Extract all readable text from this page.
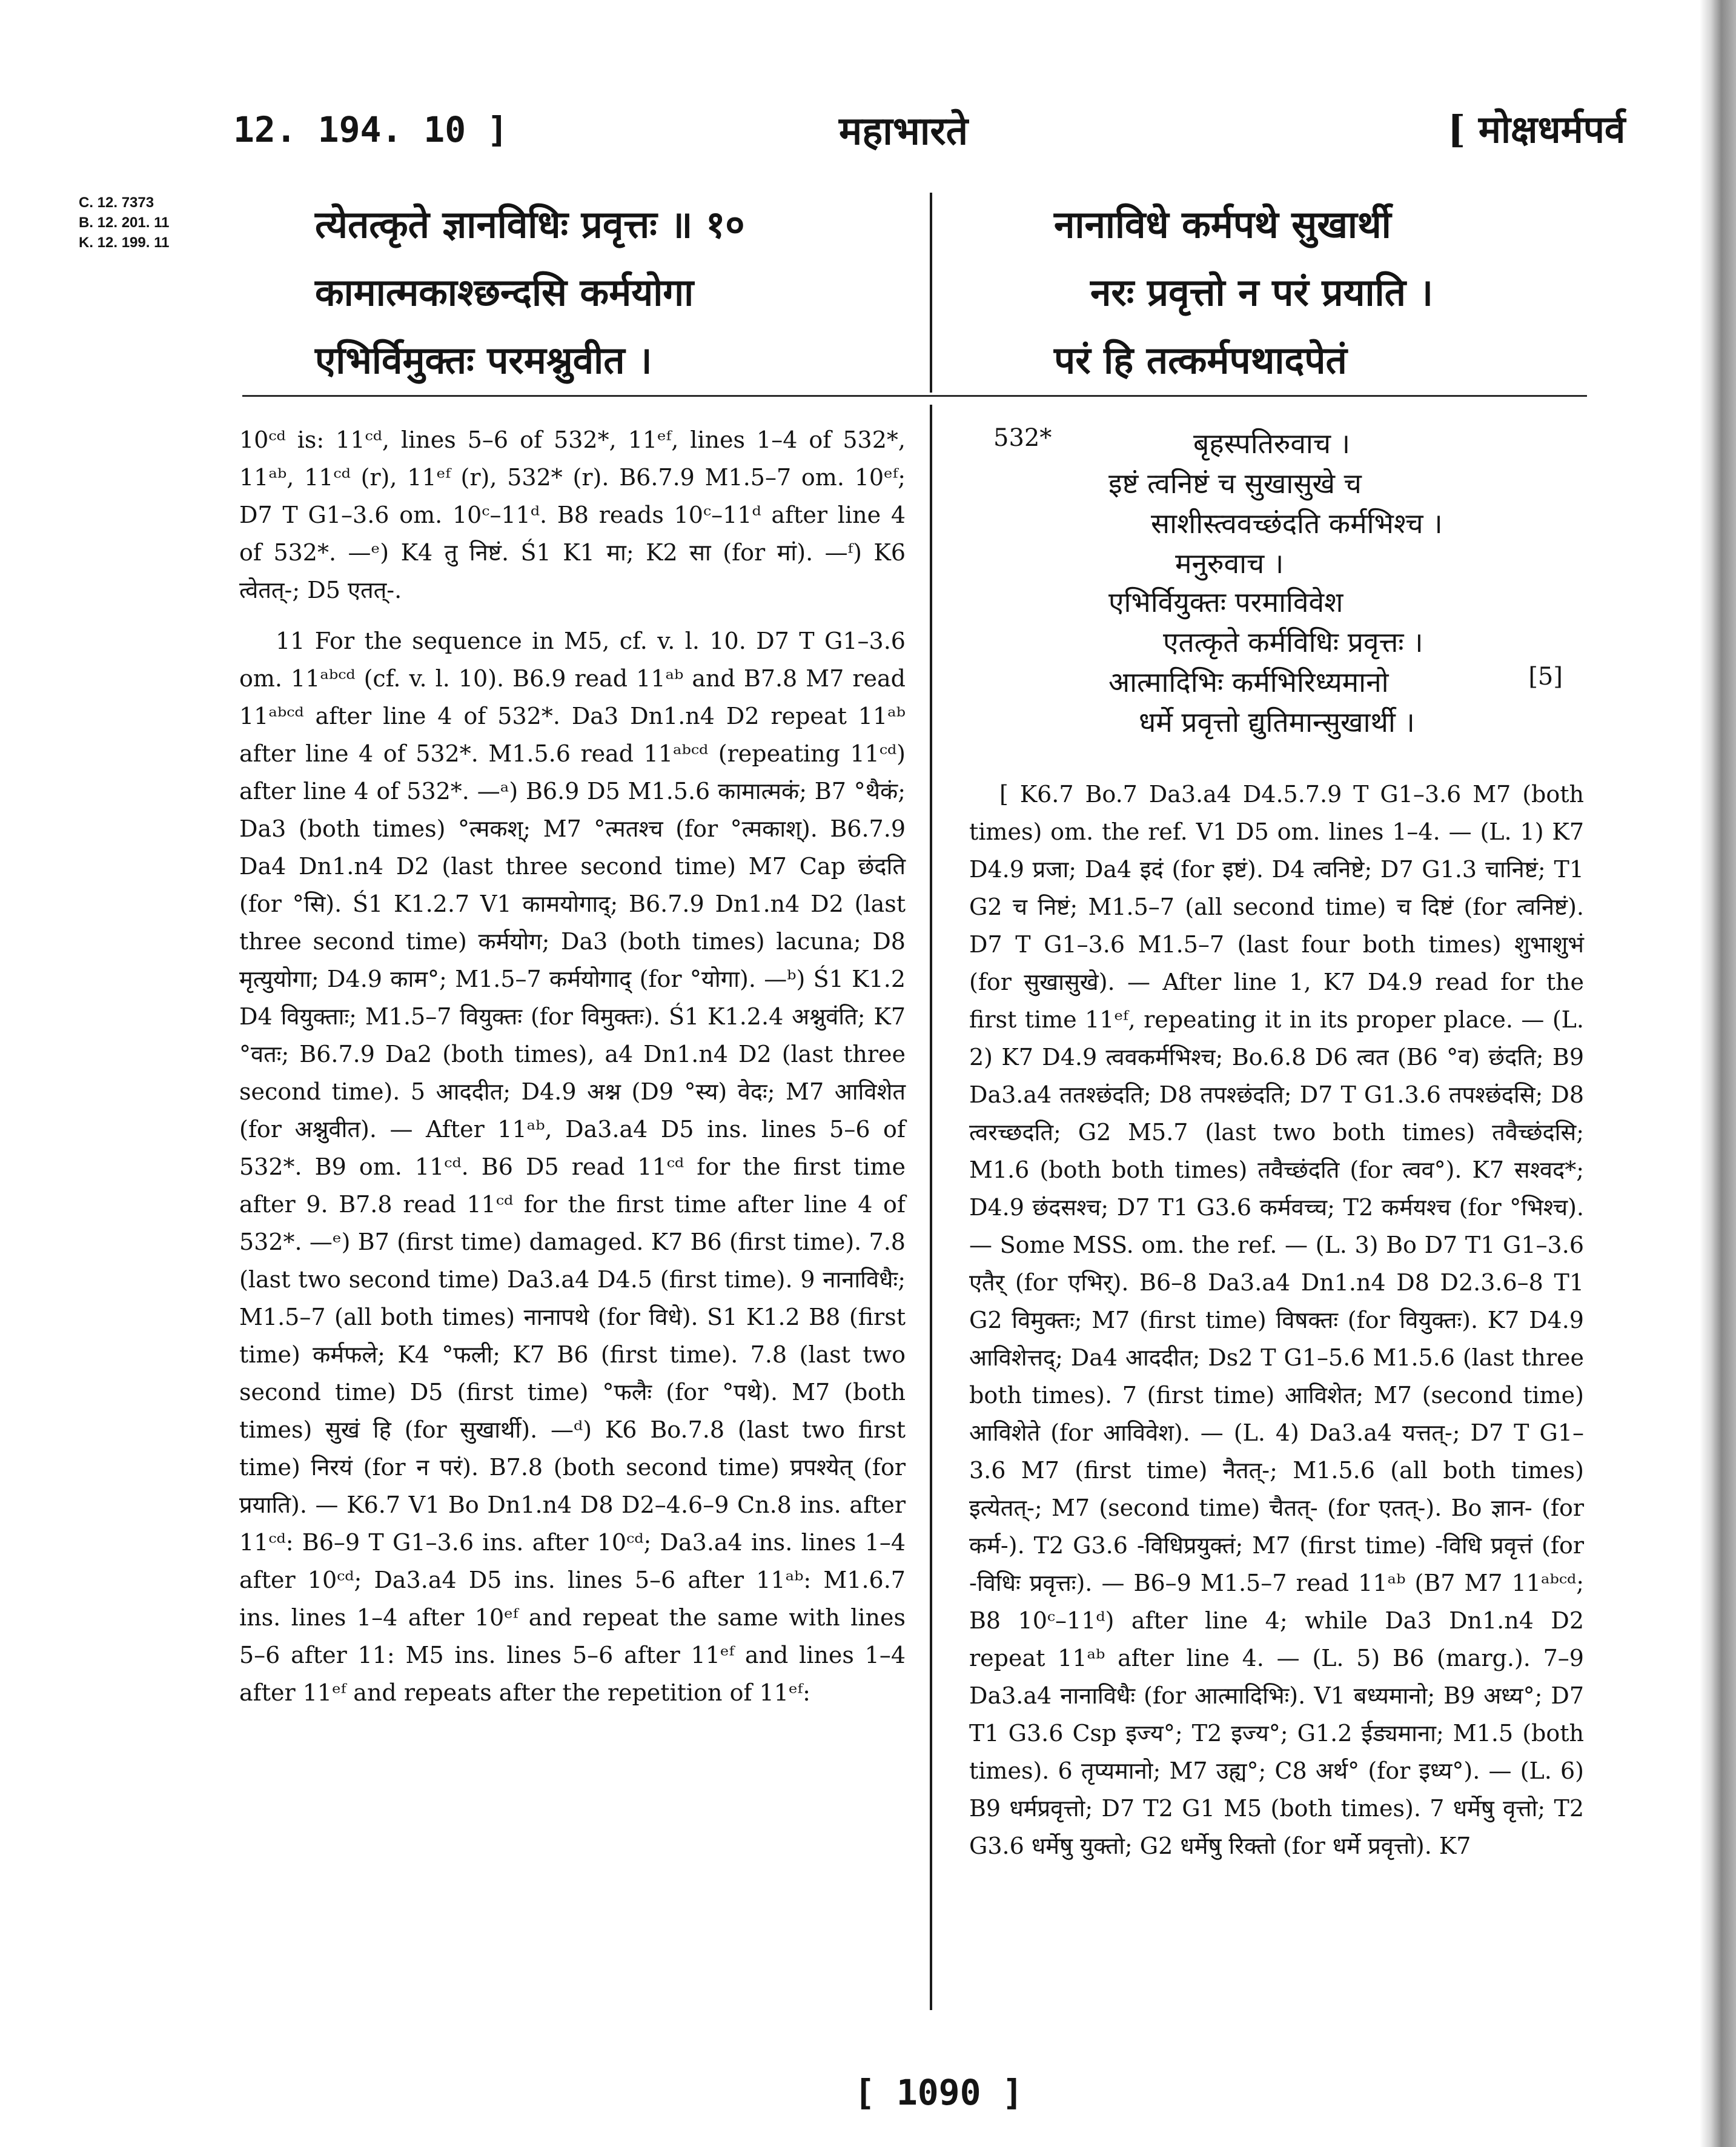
12. 194. 10 ]	महाभारते	[ मोक्षधर्मपर्व
C. 12. 7373
B. 12. 201. 11
K. 12. 199. 11	त्येतत्कृते ज्ञानविधिः प्रवृत्तः ॥ १०
कामात्मकाश्छन्दसि कर्मयोगा
एभिर्विमुक्तः परमश्नुवीत ।
नानाविधे कर्मपथे सुखार्थी
नरः प्रवृत्तो न परं प्रयाति ।
परं हि तत्कर्मपथादपेतं

10ᶜᵈ is: 11ᶜᵈ, lines 5–6 of 532*, 11ᵉᶠ, lines 1–4 of 532*, 11ᵃᵇ, 11ᶜᵈ (r), 11ᵉᶠ (r), 532* (r). B6.7.9 M1.5–7 om. 10ᵉᶠ; D7 T G1–3.6 om. 10ᶜ–11ᵈ. B8 reads 10ᶜ–11ᵈ after line 4 of 532*. —ᵉ) K4 तु निष्टं. Ś1 K1 मा; K2 सा (for मां). —ᶠ) K6 त्वेतत्-; D5 एतत्-.

11 For the sequence in M5, cf. v. l. 10. D7 T G1–3.6 om. 11ᵃᵇᶜᵈ (cf. v. l. 10). B6.9 read 11ᵃᵇ and B7.8 M7 read 11ᵃᵇᶜᵈ after line 4 of 532*. Da3 Dn1.n4 D2 repeat 11ᵃᵇ after line 4 of 532*. M1.5.6 read 11ᵃᵇᶜᵈ (repeating 11ᶜᵈ) after line 4 of 532*. —ᵃ) B6.9 D5 M1.5.6 कामात्मकं; B7 °थैकं; Da3 (both times) °त्मकश्; M7 °त्मतश्च (for °त्मकाश्). B6.7.9 Da4 Dn1.n4 D2 (last three second time) M7 Cap छंदति (for °सि). Ś1 K1.2.7 V1 कामयोगाद्; B6.7.9 Dn1.n4 D2 (last three second time) कर्मयोग; Da3 (both times) lacuna; D8 मृत्युयोगा; D4.9 काम°; M1.5–7 कर्मयोगाद् (for °योगा). —ᵇ) Ś1 K1.2 D4 वियुक्ताः; M1.5–7 वियुक्तः (for विमुक्तः). Ś1 K1.2.4 अश्नुवंति; K7 °वतः; B6.7.9 Da2 (both times), a4 Dn1.n4 D2 (last three second time). 5 आददीत; D4.9 अश्न (D9 °स्य) वेदः; M7 आविशेत (for अश्नुवीत). — After 11ᵃᵇ, Da3.a4 D5 ins. lines 5–6 of 532*. B9 om. 11ᶜᵈ. B6 D5 read 11ᶜᵈ for the first time after 9. B7.8 read 11ᶜᵈ for the first time after line 4 of 532*. —ᵉ) B7 (first time) damaged. K7 B6 (first time). 7.8 (last two second time) Da3.a4 D4.5 (first time). 9 नानाविधैः; M1.5–7 (all both times) नानापथे (for विधे). S1 K1.2 B8 (first time) कर्मफले; K4 °फली; K7 B6 (first time). 7.8 (last two second time) D5 (first time) °फलैः (for °पथे). M7 (both times) सुखं हि (for सुखार्थी). —ᵈ) K6 Bo.7.8 (last two first time) निरयं (for न परं). B7.8 (both second time) प्रपश्येत् (for प्रयाति). — K6.7 V1 Bo Dn1.n4 D8 D2–4.6–9 Cn.8 ins. after 11ᶜᵈ: B6–9 T G1–3.6 ins. after 10ᶜᵈ; Da3.a4 ins. lines 1–4 after 10ᶜᵈ; Da3.a4 D5 ins. lines 5–6 after 11ᵃᵇ: M1.6.7 ins. lines 1–4 after 10ᵉᶠ and repeat the same with lines 5–6 after 11: M5 ins. lines 5–6 after 11ᵉᶠ and lines 1–4 after 11ᵉᶠ and repeats after the repetition of 11ᵉᶠ:

532*	बृहस्पतिरुवाच ।
इष्टं त्वनिष्टं च सुखासुखे च
साशीस्त्ववच्छंदति कर्मभिश्च ।
मनुरुवाच ।
एभिर्वियुक्तः परमाविवेश
एतत्कृते कर्मविधिः प्रवृत्तः ।
आत्मादिभिः कर्मभिरिध्यमानो	[5]
धर्मे प्रवृत्तो द्युतिमान्सुखार्थी ।

[ K6.7 Bo.7 Da3.a4 D4.5.7.9 T G1–3.6 M7 (both times) om. the ref. V1 D5 om. lines 1–4. — (L. 1) K7 D4.9 प्रजा; Da4 इदं (for इष्टं). D4 त्वनिष्टे; D7 G1.3 चानिष्टं; T1 G2 च निष्टं; M1.5–7 (all second time) च दिष्टं (for त्वनिष्टं). D7 T G1–3.6 M1.5–7 (last four both times) शुभाशुभं (for सुखासुखे). — After line 1, K7 D4.9 read for the first time 11ᵉᶠ, repeating it in its proper place. — (L. 2) K7 D4.9 त्ववकर्मभिश्च; Bo.6.8 D6 त्वत (B6 °व) छंदति; B9 Da3.a4 ततश्छंदति; D8 तपश्छंदति; D7 T G1.3.6 तपश्छंदसि; D8 त्वरच्छदति; G2 M5.7 (last two both times) तवैच्छंदसि; M1.6 (both both times) तवैच्छंदति (for त्वव°). K7 सश्वद*; D4.9 छंदसश्च; D7 T1 G3.6 कर्मवच्च; T2 कर्मयश्च (for °भिश्च). — Some MSS. om. the ref. — (L. 3) Bo D7 T1 G1–3.6 एतैर् (for एभिर्). B6–8 Da3.a4 Dn1.n4 D8 D2.3.6–8 T1 G2 विमुक्तः; M7 (first time) विषक्तः (for वियुक्तः). K7 D4.9 आविशेत्तद्; Da4 आददीत; Ds2 T G1–5.6 M1.5.6 (last three both times). 7 (first time) आविशेत; M7 (second time) आविशेते (for आविवेश). — (L. 4) Da3.a4 यत्तत्-; D7 T G1–3.6 M7 (first time) नैतत्-; M1.5.6 (all both times) इत्येतत्-; M7 (second time) चैतत्- (for एतत्-). Bo ज्ञान- (for कर्म-). T2 G3.6 -विधिप्रयुक्तं; M7 (first time) -विधि प्रवृत्तं (for -विधिः प्रवृत्तः). — B6–9 M1.5–7 read 11ᵃᵇ (B7 M7 11ᵃᵇᶜᵈ; B8 10ᶜ–11ᵈ) after line 4; while Da3 Dn1.n4 D2 repeat 11ᵃᵇ after line 4. — (L. 5) B6 (marg.). 7–9 Da3.a4 नानाविधैः (for आत्मादिभिः). V1 बध्यमानो; B9 अध्य°; D7 T1 G3.6 Csp इज्य°; T2 इज्य°; G1.2 ईड्यमाना; M1.5 (both times). 6 तृप्यमानो; M7 उह्य°; C8 अर्थ° (for इध्य°). — (L. 6) B9 धर्मप्रवृत्तो; D7 T2 G1 M5 (both times). 7 धर्मेषु वृत्तो; T2 G3.6 धर्मेषु युक्तो; G2 धर्मेषु रिक्तो (for धर्मे प्रवृत्तो). K7

[ 1090 ]
